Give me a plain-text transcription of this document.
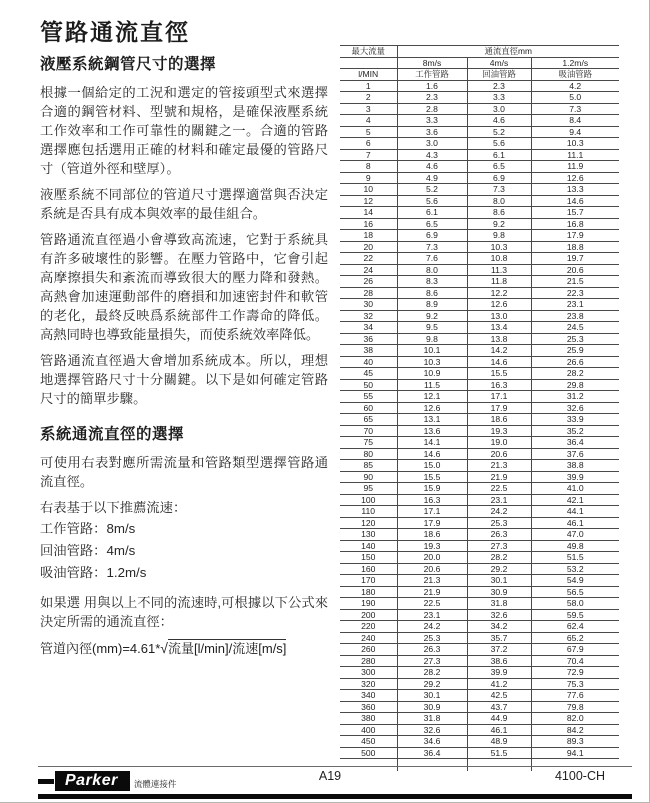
管路通流直徑
液壓系統鋼管尺寸的選擇

根據一個給定的工況和選定的管接頭型式來選擇合適的鋼管材料、型號和規格，是確保液壓系統工作效率和工作可靠性的關鍵之一。合適的管路選擇應包括選用正確的材料和確定最優的管路尺寸（管道外徑和壁厚）。

液壓系統不同部位的管道尺寸選擇適當與否決定系統是否具有成本與效率的最佳組合。

管路通流直徑過小會導致高流速，它對于系統具有許多破壞性的影響。在壓力管路中，它會引起高摩擦損失和紊流而導致很大的壓力降和發熱。高熱會加速運動部件的磨損和加速密封件和軟管的老化，最終反映爲系統部件工作壽命的降低。高熱同時也導致能量損失，而使系統效率降低。

管路通流直徑過大會增加系統成本。所以，理想地選擇管路尺寸十分關鍵。以下是如何確定管路尺寸的簡單步驟。

系統通流直徑的選擇

可使用右表對應所需流量和管路類型選擇管路通流直徑。

右表基于以下推薦流速：
工作管路：8m/s
回油管路：4m/s
吸油管路：1.2m/s

如果選 用與以上不同的流速時,可根據以下公式來決定所需的通流直徑：

管道內徑(mm)=4.61*√流量[l/min]/流速[m/s]
最大流量	通流直徑mm		
	8m/s	4m/s	1.2m/s
l/MIN	工作管路	回油管路	吸油管路
1	1.6	2.3	4.2
2	2.3	3.3	5.0
3	2.8	3.0	7.3
4	3.3	4.6	8.4
5	3.6	5.2	9.4
6	3.0	5.6	10.3
7	4.3	6.1	11.1
8	4.6	6.5	11.9
9	4.9	6.9	12.6
10	5.2	7.3	13.3
12	5.6	8.0	14.6
14	6.1	8.6	15.7
16	6.5	9.2	16.8
18	6.9	9.8	17.9
20	7.3	10.3	18.8
22	7.6	10.8	19.7
24	8.0	11.3	20.6
26	8.3	11.8	21.5
28	8.6	12.2	22.3
30	8.9	12.6	23.1
32	9.2	13.0	23.8
34	9.5	13.4	24.5
36	9.8	13.8	25.3
38	10.1	14.2	25.9
40	10.3	14.6	26.6
45	10.9	15.5	28.2
50	11.5	16.3	29.8
55	12.1	17.1	31.2
60	12.6	17.9	32.6
65	13.1	18.6	33.9
70	13.6	19.3	35.2
75	14.1	19.0	36.4
80	14.6	20.6	37.6
85	15.0	21.3	38.8
90	15.5	21.9	39.9
95	15.9	22.5	41.0
100	16.3	23.1	42.1
110	17.1	24.2	44.1
120	17.9	25.3	46.1
130	18.6	26.3	47.0
140	19.3	27.3	49.8
150	20.0	28.2	51.5
160	20.6	29.2	53.2
170	21.3	30.1	54.9
180	21.9	30.9	56.5
190	22.5	31.8	58.0
200	23.1	32.6	59.5
220	24.2	34.2	62.4
240	25.3	35.7	65.2
260	26.3	37.2	67.9
280	27.3	38.6	70.4
300	28.2	39.9	72.9
320	29.2	41.2	75.3
340	30.1	42.5	77.6
360	30.9	43.7	79.8
380	31.8	44.9	82.0
400	32.6	46.1	84.2
450	34.6	48.9	89.3
500	36.4	51.5	94.1

Parker	流體連接件
A19	4100-CH
